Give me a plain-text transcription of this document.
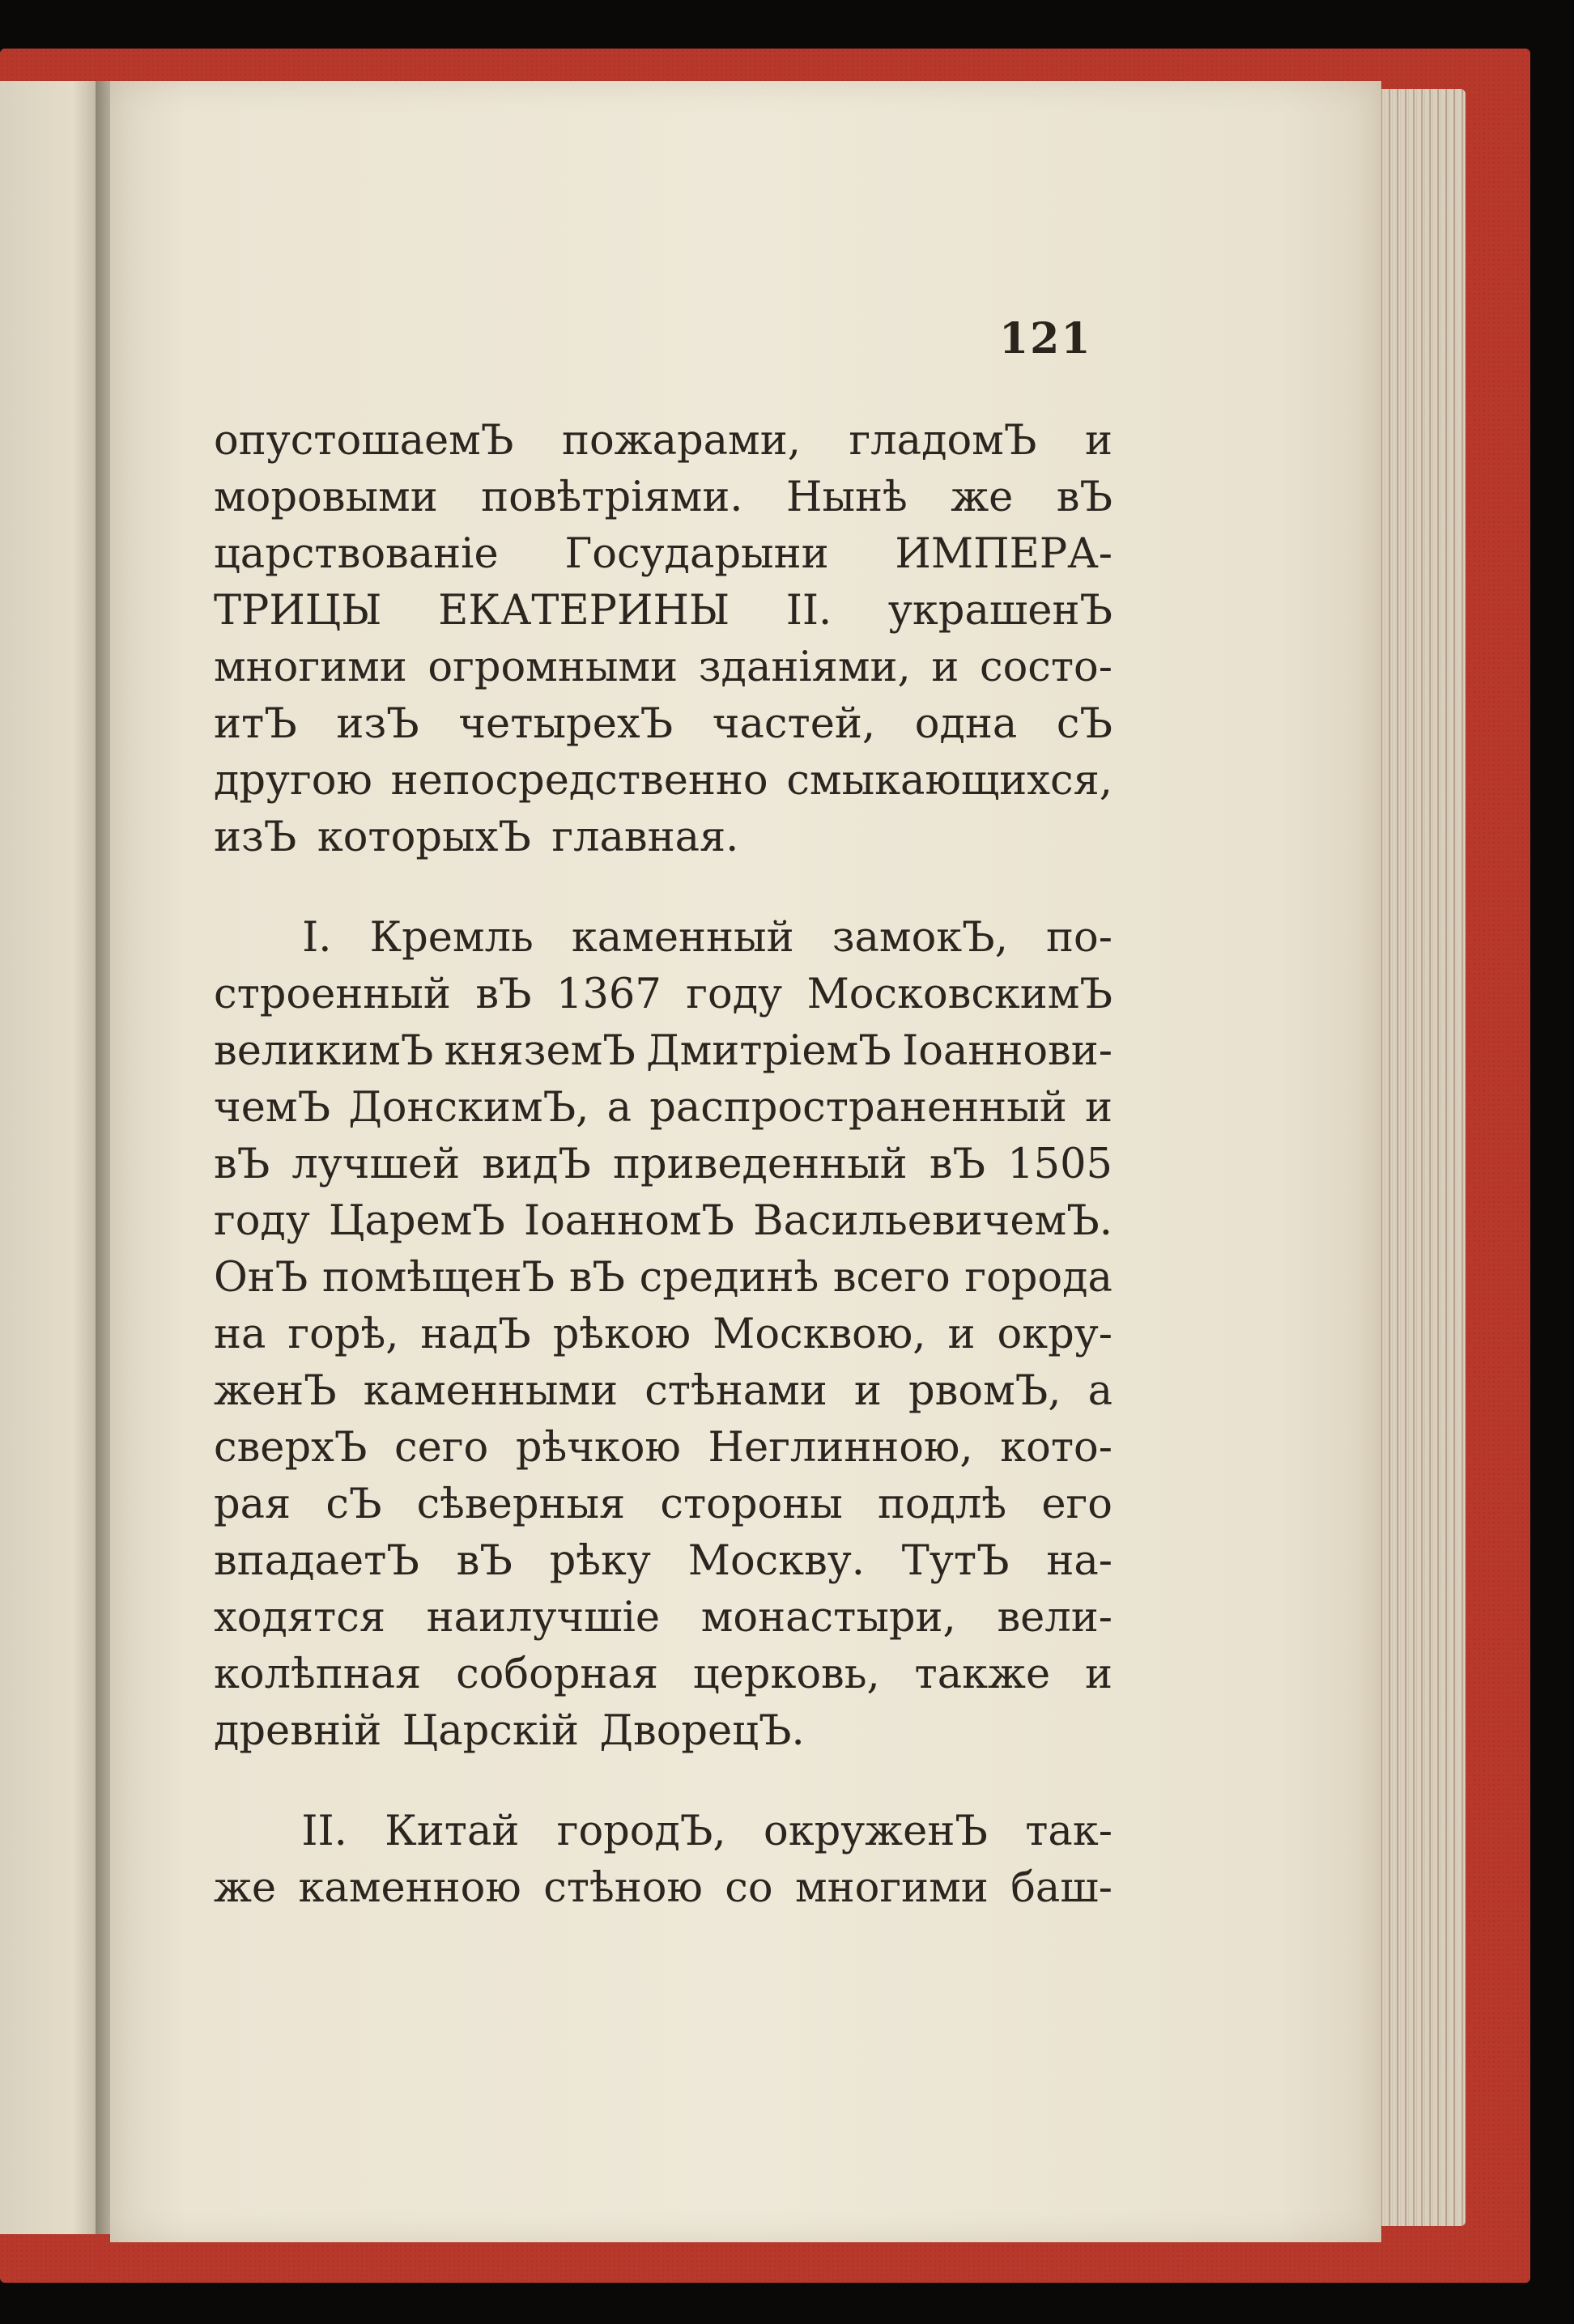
121
опустошаемЪ пожарами, гладомЪ и
моровыми повѣтріями. Нынѣ же вЪ
царствованіе Государыни ИМПЕРА-
ТРИЦЫ ЕКАТЕРИНЫ II. украшенЪ
многими огромными зданіями, и состо-
итЪ изЪ четырехЪ частей, одна сЪ
другою непосредственно смыкающихся,
изЪ которыхЪ главная.
I. Кремль каменный замокЪ, по-
строенный вЪ 1367 году МосковскимЪ
великимЪ княземЪ ДмитріемЪ Іоаннови-
чемЪ ДонскимЪ, а распространенный и
вЪ лучшей видЪ приведенный вЪ 1505
году ЦаремЪ ІоанномЪ ВасильевичемЪ.
ОнЪ помѣщенЪ вЪ срединѣ всего города
на горѣ, надЪ рѣкою Москвою, и окру-
женЪ каменными стѣнами и рвомЪ, а
сверхЪ сего рѣчкою Неглинною, кото-
рая сЪ сѣверныя стороны подлѣ его
впадаетЪ вЪ рѣку Москву. ТутЪ на-
ходятся наилучшіе монастыри, вели-
колѣпная соборная церковь, также и
древній Царскій ДворецЪ.
II. Китай городЪ, окруженЪ так-
же каменною стѣною со многими баш-
